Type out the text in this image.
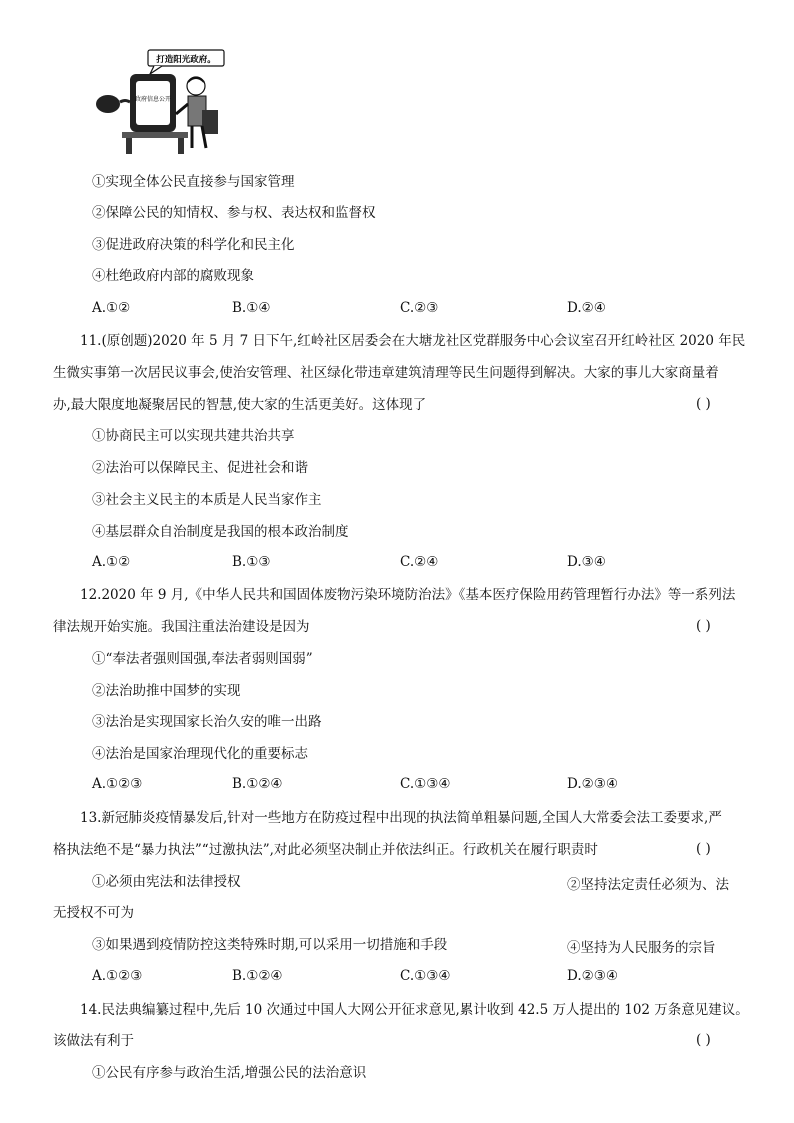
打造阳光政府。
政府信息公开
①实现全体公民直接参与国家管理
②保障公民的知情权、参与权、表达权和监督权
③促进政府决策的科学化和民主化
④杜绝政府内部的腐败现象
A.①②	B.①④	C.②③	D.②④
11.(原创题)2020 年 5 月 7 日下午,红岭社区居委会在大塘龙社区党群服务中心会议室召开红岭社区 2020 年民
生微实事第一次居民议事会,使治安管理、社区绿化带违章建筑清理等民生问题得到解决。大家的事儿大家商量着
办,最大限度地凝聚居民的智慧,使大家的生活更美好。这体现了	( )
①协商民主可以实现共建共治共享
②法治可以保障民主、促进社会和谐
③社会主义民主的本质是人民当家作主
④基层群众自治制度是我国的根本政治制度
A.①②	B.①③	C.②④	D.③④
12.2020 年 9 月,《中华人民共和国固体废物污染环境防治法》《基本医疗保险用药管理暂行办法》等一系列法
律法规开始实施。我国注重法治建设是因为	( )
①“奉法者强则国强,奉法者弱则国弱”
②法治助推中国梦的实现
③法治是实现国家长治久安的唯一出路
④法治是国家治理现代化的重要标志
A.①②③	B.①②④	C.①③④	D.②③④
13.新冠肺炎疫情暴发后,针对一些地方在防疫过程中出现的执法简单粗暴问题,全国人大常委会法工委要求,严
格执法绝不是“暴力执法”“过激执法”,对此必须坚决制止并依法纠正。行政机关在履行职责时	( )
①必须由宪法和法律授权	②坚持法定责任必须为、法
无授权不可为
③如果遇到疫情防控这类特殊时期,可以采用一切措施和手段	④坚持为人民服务的宗旨
A.①②③	B.①②④	C.①③④	D.②③④
14.民法典编纂过程中,先后 10 次通过中国人大网公开征求意见,累计收到 42.5 万人提出的 102 万条意见建议。
该做法有利于	( )
①公民有序参与政治生活,增强公民的法治意识
